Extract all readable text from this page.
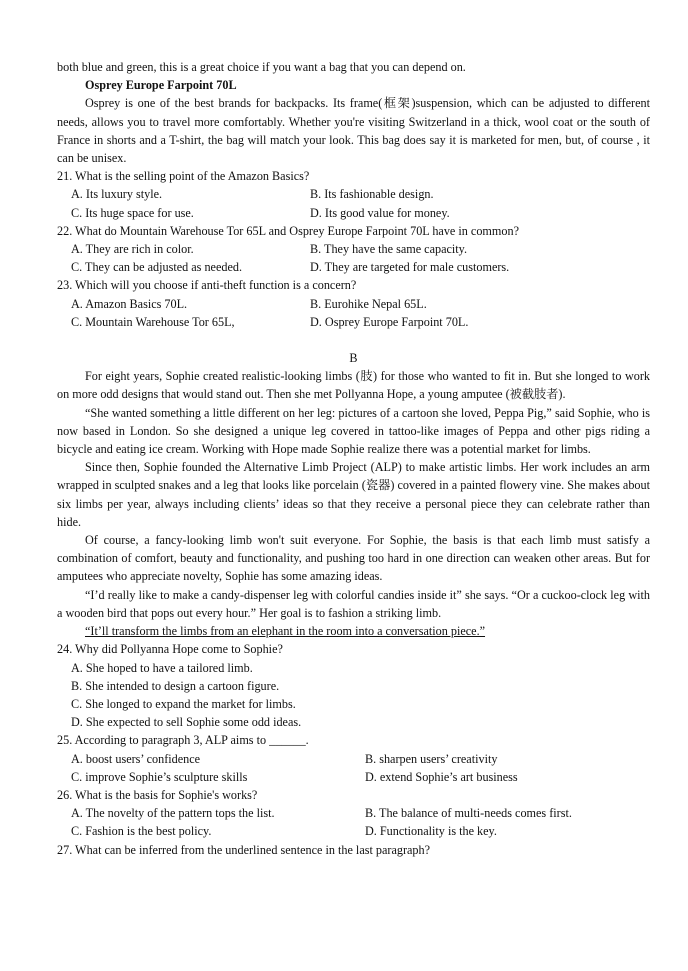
both blue and green, this is a great choice if you want a bag that you can depend on.

Osprey Europe Farpoint 70L

Osprey is one of the best brands for backpacks. Its frame(框架)suspension, which can be adjusted to different needs, allows you to travel more comfortably. Whether you're visiting Switzerland in a thick, wool coat or the south of France in shorts and a T-shirt, the bag will match your look. This bag does say it is marketed for men, but, of course , it can be unisex.

21. What is the selling point of the Amazon Basics?

A. Its luxury style.	B. Its fashionable design.
C. Its huge space for use.	D. Its good value for money.

22. What do Mountain Warehouse Tor 65L and Osprey Europe Farpoint 70L have in common?

A. They are rich in color.	B. They have the same capacity.
C. They can be adjusted as needed.	D. They are targeted for male customers.

23. Which will you choose if anti-theft function is a concern?

A. Amazon Basics 70L.	B. Eurohike Nepal 65L.
C. Mountain Warehouse Tor 65L,	D. Osprey Europe Farpoint 70L.

B

For eight years, Sophie created realistic-looking limbs (肢) for those who wanted to fit in. But she longed to work on more odd designs that would stand out. Then she met Pollyanna Hope, a young amputee (被截肢者).

“She wanted something a little different on her leg: pictures of a cartoon she loved, Peppa Pig,” said Sophie, who is now based in London. So she designed a unique leg covered in tattoo-like images of Peppa and other pigs riding a bicycle and eating ice cream. Working with Hope made Sophie realize there was a potential market for limbs.

Since then, Sophie founded the Alternative Limb Project (ALP) to make artistic limbs. Her work includes an arm wrapped in sculpted snakes and a leg that looks like porcelain (瓷器) covered in a painted flowery vine. She makes about six limbs per year, always including clients’ ideas so that they receive a personal piece they can celebrate rather than hide.

Of course, a fancy-looking limb won't suit everyone. For Sophie, the basis is that each limb must satisfy a combination of comfort, beauty and functionality, and pushing too hard in one direction can weaken other areas. But for amputees who appreciate novelty, Sophie has some amazing ideas.

“I’d really like to make a candy-dispenser leg with colorful candies inside it” she says. “Or a cuckoo-clock leg with a wooden bird that pops out every hour.” Her goal is to fashion a striking limb.

“It’ll transform the limbs from an elephant in the room into a conversation piece.”

24. Why did Pollyanna Hope come to Sophie?

A. She hoped to have a tailored limb.
B. She intended to design a cartoon figure.
C. She longed to expand the market for limbs.
D. She expected to sell Sophie some odd ideas.

25. According to paragraph 3, ALP aims to ______.

A. boost users’ confidence	B. sharpen users’ creativity
C. improve Sophie’s sculpture skills	D. extend Sophie’s art business

26. What is the basis for Sophie's works?

A. The novelty of the pattern tops the list.	B. The balance of multi-needs comes first.
C. Fashion is the best policy.	D. Functionality is the key.

27. What can be inferred from the underlined sentence in the last paragraph?
